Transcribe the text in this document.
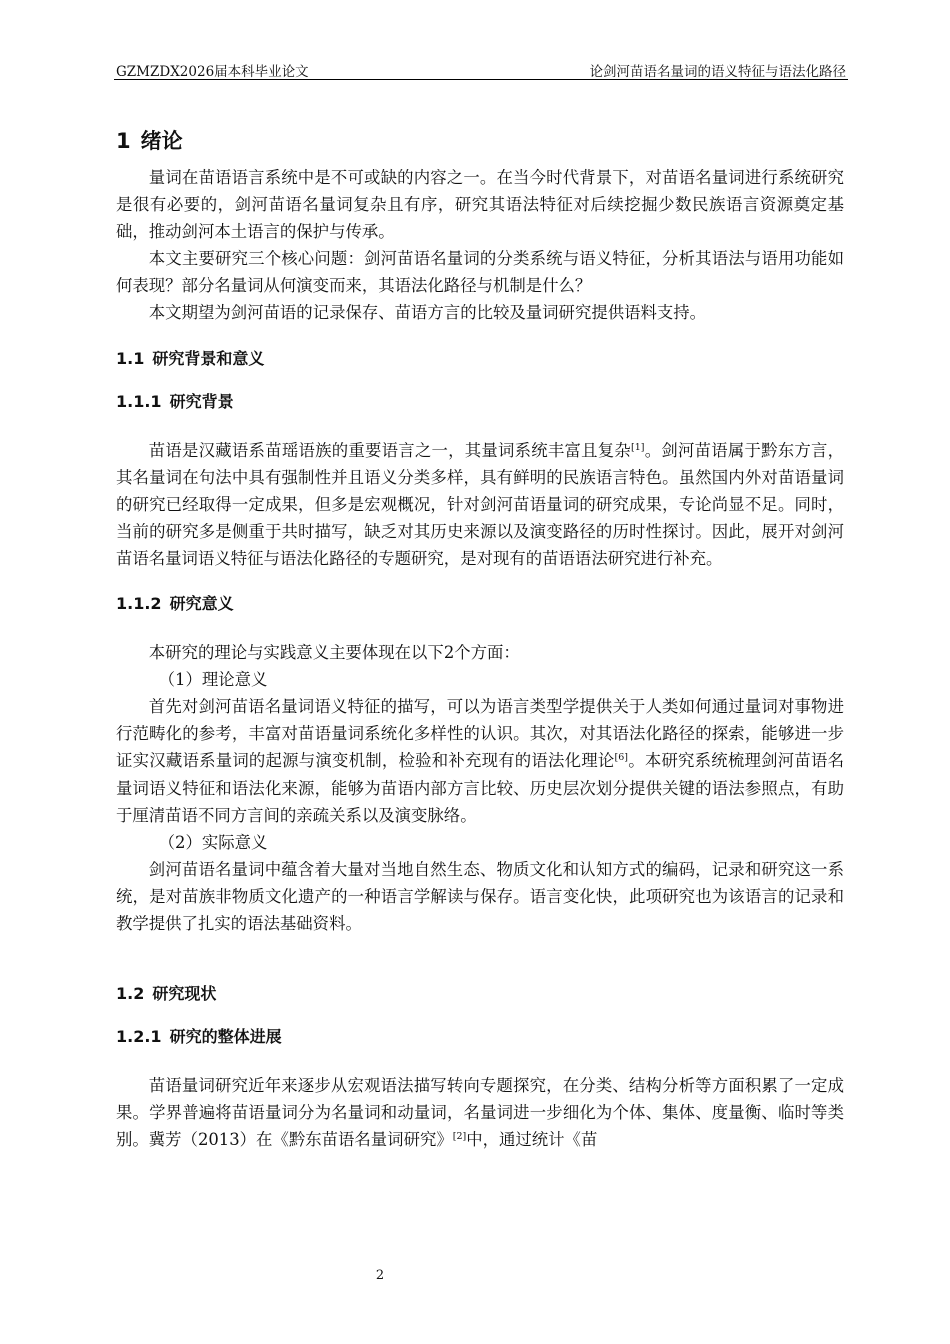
GZMZDX2026届本科毕业论文	论剑河苗语名量词的语义特征与语法化路径
1 绪论

量词在苗语语言系统中是不可或缺的内容之一。在当今时代背景下，对苗语名量词进行系统研究是很有必要的，剑河苗语名量词复杂且有序，研究其语法特征对后续挖掘少数民族语言资源奠定基础，推动剑河本土语言的保护与传承。

本文主要研究三个核心问题：剑河苗语名量词的分类系统与语义特征，分析其语法与语用功能如何表现？部分名量词从何演变而来，其语法化路径与机制是什么？

本文期望为剑河苗语的记录保存、苗语方言的比较及量词研究提供语料支持。

1.1 研究背景和意义
1.1.1 研究背景

苗语是汉藏语系苗瑶语族的重要语言之一，其量词系统丰富且复杂[1]。剑河苗语属于黔东方言，其名量词在句法中具有强制性并且语义分类多样，具有鲜明的民族语言特色。虽然国内外对苗语量词的研究已经取得一定成果，但多是宏观概况，针对剑河苗语量词的研究成果，专论尚显不足。同时，当前的研究多是侧重于共时描写，缺乏对其历史来源以及演变路径的历时性探讨。因此，展开对剑河苗语名量词语义特征与语法化路径的专题研究，是对现有的苗语语法研究进行补充。

1.1.2 研究意义

本研究的理论与实践意义主要体现在以下2个方面：

（1）理论意义

首先对剑河苗语名量词语义特征的描写，可以为语言类型学提供关于人类如何通过量词对事物进行范畴化的参考，丰富对苗语量词系统化多样性的认识。其次，对其语法化路径的探索，能够进一步证实汉藏语系量词的起源与演变机制，检验和补充现有的语法化理论[6]。本研究系统梳理剑河苗语名量词语义特征和语法化来源，能够为苗语内部方言比较、历史层次划分提供关键的语法参照点，有助于厘清苗语不同方言间的亲疏关系以及演变脉络。

（2）实际意义

剑河苗语名量词中蕴含着大量对当地自然生态、物质文化和认知方式的编码，记录和研究这一系统，是对苗族非物质文化遗产的一种语言学解读与保存。语言变化快，此项研究也为该语言的记录和教学提供了扎实的语法基础资料。

1.2 研究现状
1.2.1 研究的整体进展

苗语量词研究近年来逐步从宏观语法描写转向专题探究，在分类、结构分析等方面积累了一定成果。学界普遍将苗语量词分为名量词和动量词，名量词进一步细化为个体、集体、度量衡、临时等类别。冀芳（2013）在《黔东苗语名量词研究》[2]中，通过统计《苗

2
